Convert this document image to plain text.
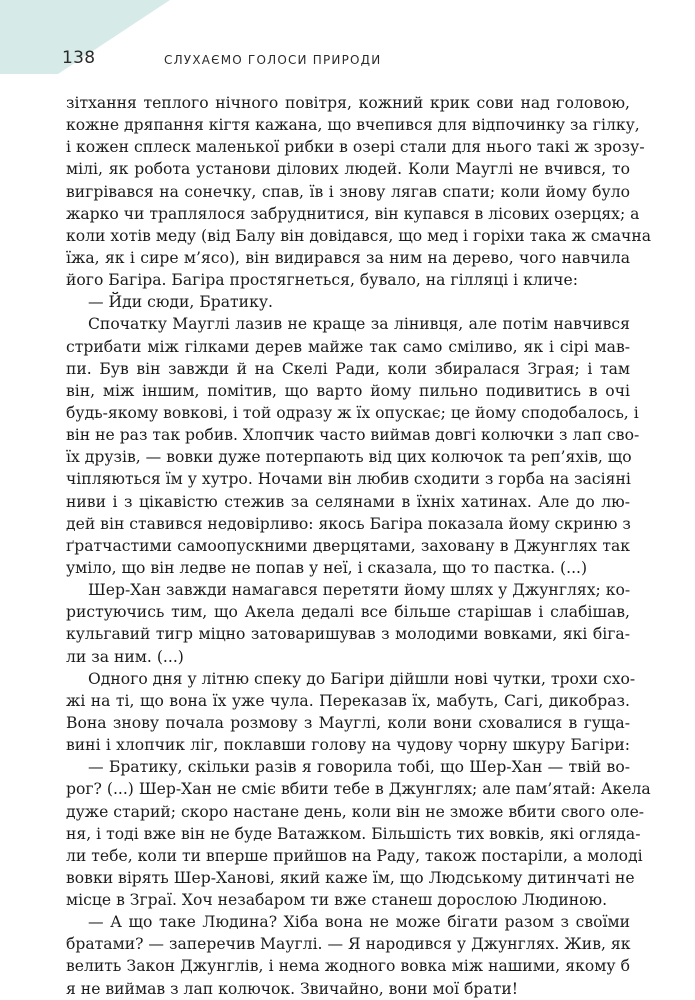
138	СЛУХАЄМО ГОЛОСИ ПРИРОДИ
зітхання теплого нічного повітря, кожний крик сови над головою,
кожне дряпання кігтя кажана, що вчепився для відпочинку за гілку,
і кожен сплеск маленької рибки в озері стали для нього такі ж зрозу-
мілі, як робота установи ділових людей. Коли Мауглі не вчився, то
вигрівався на сонечку, спав, їв і знову лягав спати; коли йому було
жарко чи траплялося забруднитися, він купався в лісових озерцях; а
коли хотів меду (від Балу він довідався, що мед і горіхи така ж смачна
їжа, як і сире м’ясо), він видирався за ним на дерево, чого навчила
його Багіра. Багіра простягнеться, бувало, на гілляці і кличе:
— Йди сюди, Братику.
Спочатку Мауглі лазив не краще за лінивця, але потім навчився
стрибати між гілками дерев майже так само сміливо, як і сірі мав-
пи. Був він завжди й на Скелі Ради, коли збиралася Зграя; і там
він, між іншим, помітив, що варто йому пильно подивитись в очі
будь-якому вовкові, і той одразу ж їх опускає; це йому сподобалось, і
він не раз так робив. Хлопчик часто виймав довгі колючки з лап сво-
їх друзів, — вовки дуже потерпають від цих колючок та реп’яхів, що
чіпляються їм у хутро. Ночами він любив сходити з горба на засіяні
ниви і з цікавістю стежив за селянами в їхніх хатинах. Але до лю-
дей він ставився недовірливо: якось Багіра показала йому скриню з
ґратчастими самоопускними дверцятами, заховану в Джунглях так
уміло, що він ледве не попав у неї, і сказала, що то пастка. (...)
Шер-Хан завжди намагався перетяти йому шлях у Джунглях; ко-
ристуючись тим, що Акела дедалі все більше старішав і слабішав,
кульгавий тигр міцно затоваришував з молодими вовками, які біга-
ли за ним. (...)
Одного дня у літню спеку до Багіри дійшли нові чутки, трохи схо-
жі на ті, що вона їх уже чула. Переказав їх, мабуть, Сагі, дикобраз.
Вона знову почала розмову з Мауглі, коли вони сховалися в гуща-
вині і хлопчик ліг, поклавши голову на чудову чорну шкуру Багіри:
— Братику, скільки разів я говорила тобі, що Шер-Хан — твій во-
рог? (...) Шер-Хан не сміє вбити тебе в Джунглях; але пам’ятай: Акела
дуже старий; скоро настане день, коли він не зможе вбити свого оле-
ня, і тоді вже він не буде Ватажком. Більшість тих вовків, які огляда-
ли тебе, коли ти вперше прийшов на Раду, також постаріли, а молоді
вовки вірять Шер-Ханові, який каже їм, що Людському дитинчаті не
місце в Зграї. Хоч незабаром ти вже станеш дорослою Людиною.
— А що таке Людина? Хіба вона не може бігати разом з своїми
братами? — заперечив Мауглі. — Я народився у Джунглях. Жив, як
велить Закон Джунглів, і нема жодного вовка між нашими, якому б
я не виймав з лап колючок. Звичайно, вони мої брати!
